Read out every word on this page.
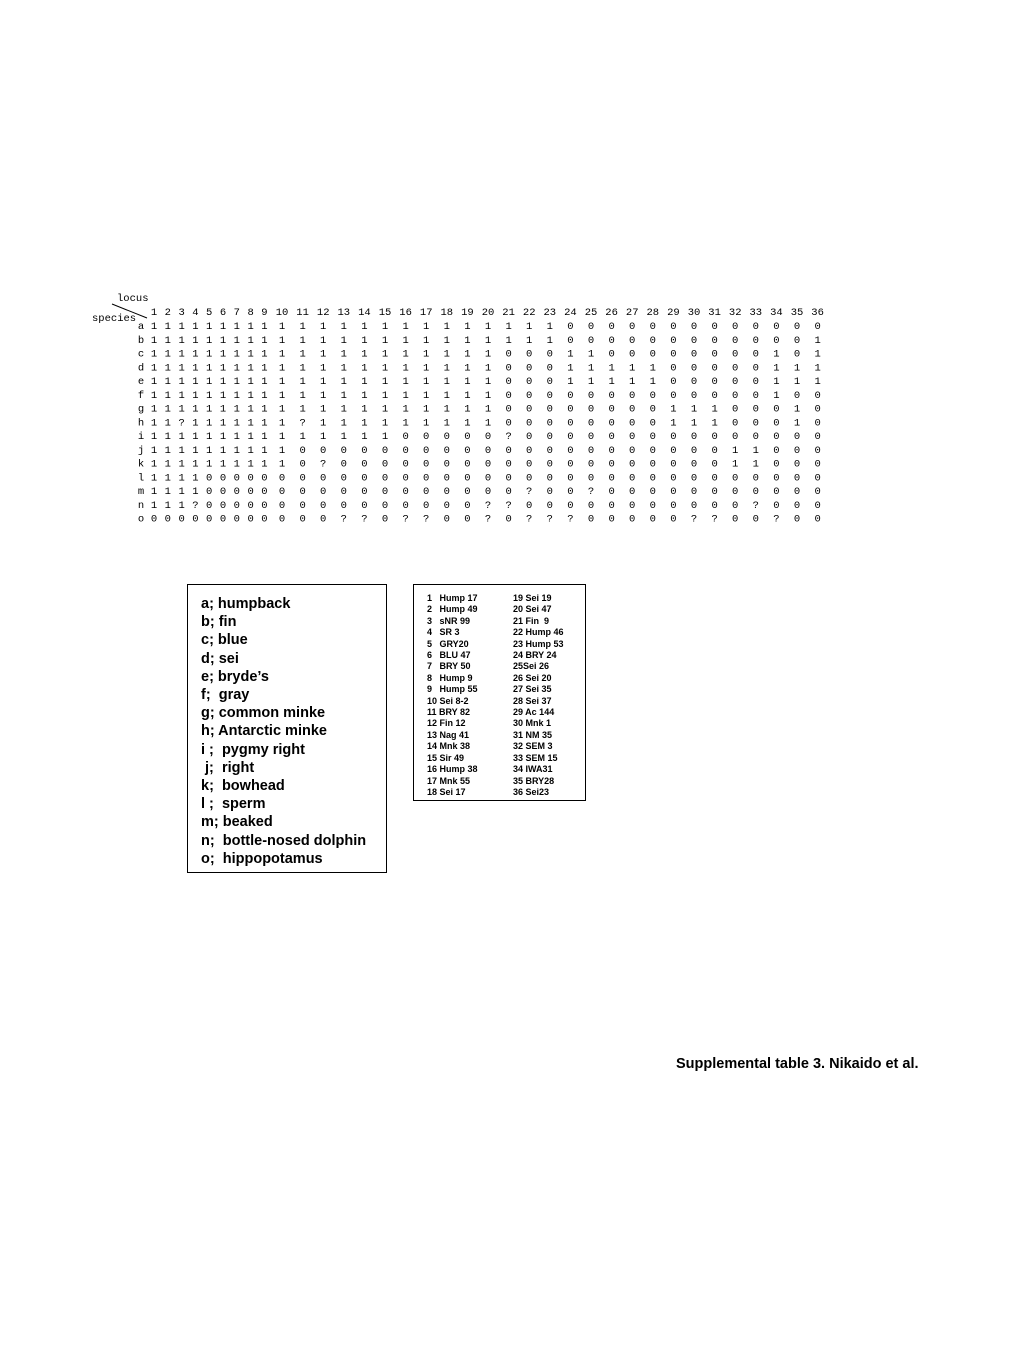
locus
species 1 2 3 4 5 6 7 8 9 10 11 12 13 14 15 16 17 18 19 20 21 22 23 24 25 26 27 28 29 30 31 32 33 34 35 36
a 1 1 1 1 1 1 1 1 1 1 1 1 1 1 1 1 1 1 1 1 1 1 1 0 0 0 0 0 0 0 0 0 0 0 0 0
b 1 1 1 1 1 1 1 1 1 1 1 1 1 1 1 1 1 1 1 1 1 1 1 0 0 0 0 0 0 0 0 0 0 0 0 1
c 1 1 1 1 1 1 1 1 1 1 1 1 1 1 1 1 1 1 1 1 0 0 0 1 1 0 0 0 0 0 0 0 0 1 0 1
d 1 1 1 1 1 1 1 1 1 1 1 1 1 1 1 1 1 1 1 1 0 0 0 1 1 1 1 1 0 0 0 0 0 1 1 1
e 1 1 1 1 1 1 1 1 1 1 1 1 1 1 1 1 1 1 1 1 0 0 0 1 1 1 1 1 0 0 0 0 0 1 1 1
f 1 1 1 1 1 1 1 1 1 1 1 1 1 1 1 1 1 1 1 1 0 0 0 0 0 0 0 0 0 0 0 0 0 1 0 0
g 1 1 1 1 1 1 1 1 1 1 1 1 1 1 1 1 1 1 1 1 0 0 0 0 0 0 0 0 1 1 1 0 0 0 1 0
h 1 1 ? 1 1 1 1 1 1 1 ? 1 1 1 1 1 1 1 1 1 0 0 0 0 0 0 0 0 1 1 1 0 0 0 1 0
i 1 1 1 1 1 1 1 1 1 1 1 1 1 1 1 0 0 0 0 0 ? 0 0 0 0 0 0 0 0 0 0 0 0 0 0 0
j 1 1 1 1 1 1 1 1 1 1 0 0 0 0 0 0 0 0 0 0 0 0 0 0 0 0 0 0 0 0 0 1 1 0 0 0
k 1 1 1 1 1 1 1 1 1 1 0 ? 0 0 0 0 0 0 0 0 0 0 0 0 0 0 0 0 0 0 0 1 1 0 0 0
l 1 1 1 1 0 0 0 0 0 0 0 0 0 0 0 0 0 0 0 0 0 0 0 0 0 0 0 0 0 0 0 0 0 0 0 0
m 1 1 1 1 0 0 0 0 0 0 0 0 0 0 0 0 0 0 0 0 0 ? 0 0 ? 0 0 0 0 0 0 0 0 0 0 0
n 1 1 1 ? 0 0 0 0 0 0 0 0 0 0 0 0 0 0 0 ? ? 0 0 0 0 0 0 0 0 0 0 0 ? 0 0 0
o 0 0 0 0 0 0 0 0 0 0 0 0 ? ? 0 ? ? 0 0 ? 0 ? ? ? 0 0 0 0 0 ? ? 0 0 ? 0 0
a; humpback
b; fin
c; blue
d; sei
e; bryde’s
f;  gray
g; common minke
h; Antarctic minke
i ;  pygmy right
j;  right
k;  bowhead
l ;  sperm
m; beaked
n;  bottle-nosed dolphin
o;  hippopotamus
1   Hump 17
2   Hump 49
3   sNR 99
4   SR 3
5   GRY20
6   BLU 47
7   BRY 50
8   Hump 9
9   Hump 55
10 Sei 8-2
11 BRY 82
12 Fin 12
13 Nag 41
14 Mnk 38
15 Sir 49
16 Hump 38
17 Mnk 55
18 Sei 17
19 Sei 19
20 Sei 47
21 Fin  9
22 Hump 46
23 Hump 53
24 BRY 24
25Sei 26
26 Sei 20
27 Sei 35
28 Sei 37
29 Ac 144
30 Mnk 1
31 NM 35
32 SEM 3
33 SEM 15
34 IWA31
35 BRY28
36 Sei23
Supplemental table 3. Nikaido et al.
